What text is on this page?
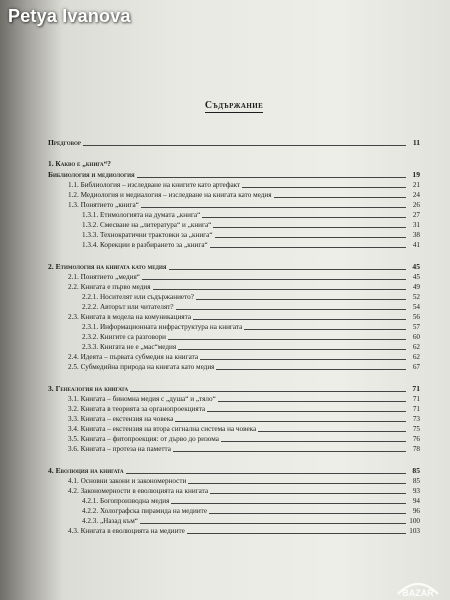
Petya Ivanova
Съдържание
Предговор	11
1. Какво е „книга“?
Библиология и медиология	19
1.1. Библиология – изследване на книгите като артефакт	21
1.2. Медиология и медиалогия – изследване на книгата като медия	24
1.3. Понятието „книга“	26
1.3.1. Етимологията на думата „книга“	27
1.3.2. Смесване на „литература“ и „книга“	31
1.3.3. Технократични трактовки за „книга“	38
1.3.4. Корекции в разбирането за „книга“	41
2. Етимология на книгата като медия	45
2.1. Понятието „медия“	45
2.2. Книгата е първо медия	49
2.2.1. Носителят или съдържанието?	52
2.2.2. Авторът или читателят?	54
2.3. Книгата в модела на комуникацията	56
2.3.1. Информационната инфраструктура на книгата	57
2.3.2. Книгите са разговори	60
2.3.3. Книгата не е „мас“медия	62
2.4. Идеята – първата субмедия на книгата	62
2.5. Субмедийна природа на книгата като медия	67
3. Генеалогия на книгата	71
3.1. Книгата – биномна медия с „душа“ и „тяло“	71
3.2. Книгата в теорията за органопроекцията	71
3.3. Книгата – екстензия на човека	73
3.4. Книгата – екстензия на втора сигнална система на човека	75
3.5. Книгата – фитопроекция: от дърво до ризома	76
3.6. Книгата – протеза на паметта	78
4. Еволюция на книгата	85
4.1. Основни закони и закономерности	85
4.2. Закономерности в еволюцията на книгата	93
4.2.1. Богопроизводна медия	94
4.2.2. Холографска пирамида на медиите	96
4.2.3. „Назад към“	100
4.3. Книгата в еволюцията на медиите	103
BAZAR
